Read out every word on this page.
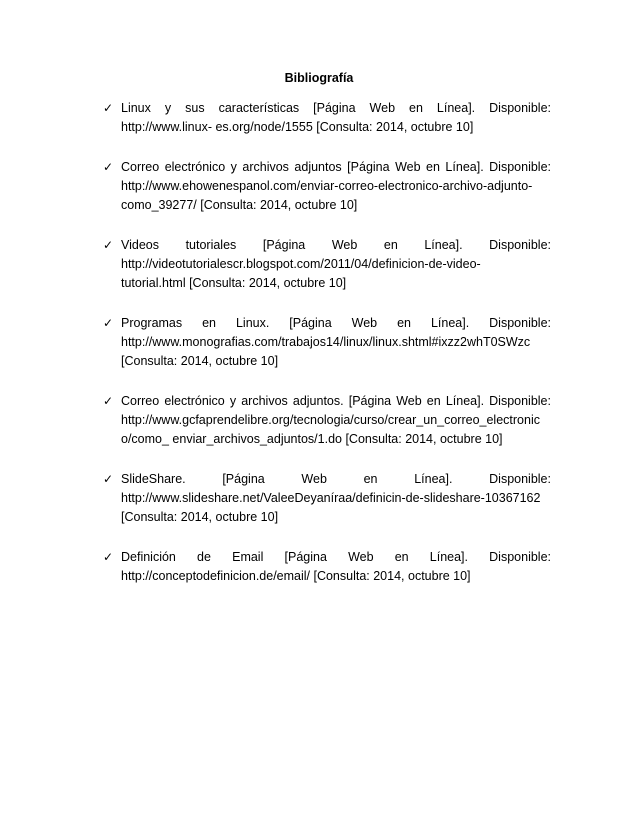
Bibliografía
✓ Linux y sus características [Página Web en Línea]. Disponible:
http://www.linux- es.org/node/1555 [Consulta: 2014, octubre 10]
✓ Correo electrónico y archivos adjuntos [Página Web en Línea]. Disponible:
http://www.ehowenespanol.com/enviar-correo-electronico-archivo-adjunto-
como_39277/ [Consulta: 2014, octubre 10]
✓ Videos tutoriales [Página Web en Línea]. Disponible:
http://videotutorialescr.blogspot.com/2011/04/definicion-de-video-
tutorial.html [Consulta: 2014, octubre 10]
✓ Programas en Linux. [Página Web en Línea]. Disponible:
http://www.monografias.com/trabajos14/linux/linux.shtml#ixzz2whT0SWzc
[Consulta: 2014, octubre 10]
✓ Correo electrónico y archivos adjuntos. [Página Web en Línea]. Disponible:
http://www.gcfaprendelibre.org/tecnologia/curso/crear_un_correo_electronic
o/como_ enviar_archivos_adjuntos/1.do [Consulta: 2014, octubre 10]
✓ SlideShare. [Página Web en Línea]. Disponible:
http://www.slideshare.net/ValeeDeyaníraa/definicin-de-slideshare-10367162
[Consulta: 2014, octubre 10]
✓ Definición de Email [Página Web en Línea]. Disponible:
http://conceptodefinicion.de/email/ [Consulta: 2014, octubre 10]
